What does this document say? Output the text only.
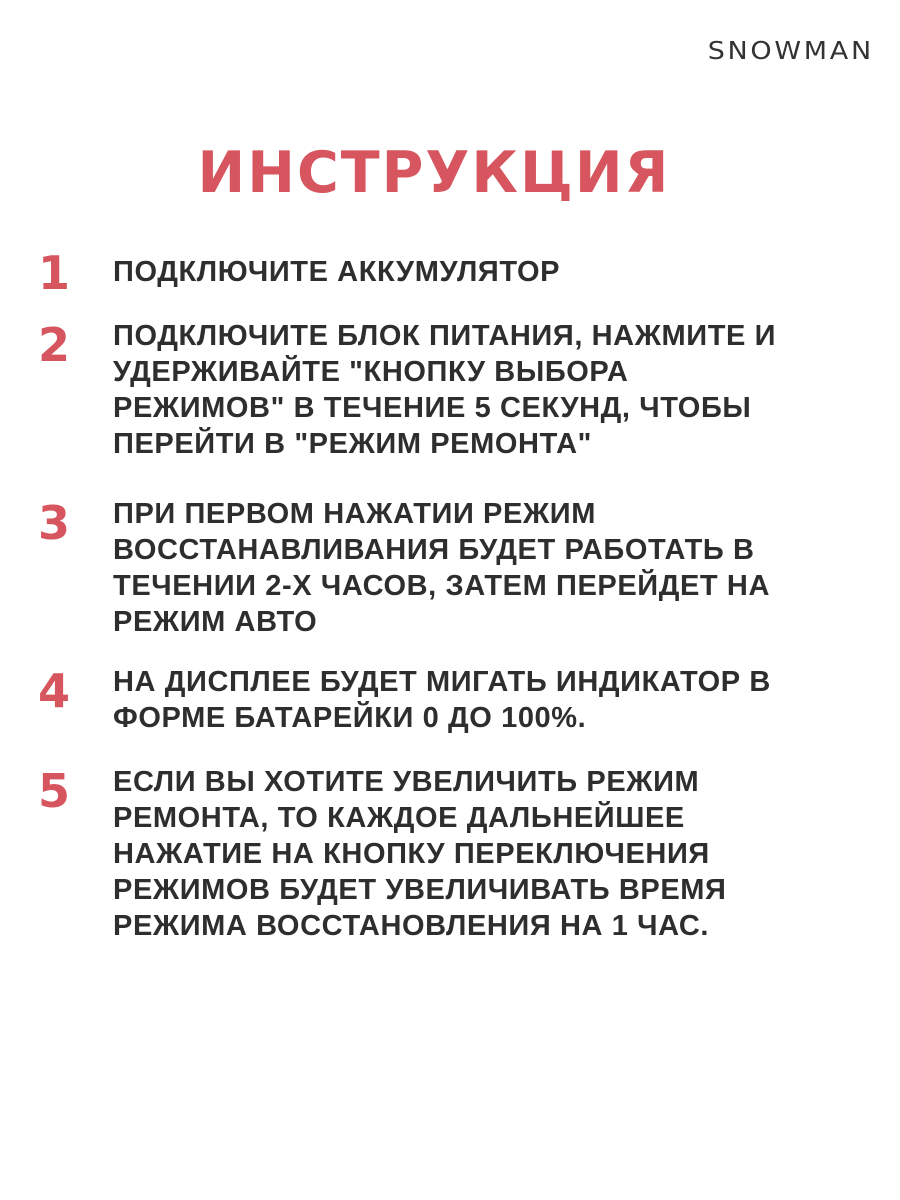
SNOWMAN
ИНСТРУКЦИЯ
1	ПОДКЛЮЧИТЕ АККУМУЛЯТОР

2	ПОДКЛЮЧИТЕ БЛОК ПИТАНИЯ, НАЖМИТЕ И
УДЕРЖИВАЙТЕ "КНОПКУ ВЫБОРА
РЕЖИМОВ" В ТЕЧЕНИЕ 5 СЕКУНД, ЧТОБЫ
ПЕРЕЙТИ В "РЕЖИМ РЕМОНТА"

3	ПРИ ПЕРВОМ НАЖАТИИ РЕЖИМ
ВОССТАНАВЛИВАНИЯ БУДЕТ РАБОТАТЬ В
ТЕЧЕНИИ 2-Х ЧАСОВ, ЗАТЕМ ПЕРЕЙДЕТ НА
РЕЖИМ АВТО

4	НА ДИСПЛЕЕ БУДЕТ МИГАТЬ ИНДИКАТОР В
ФОРМЕ БАТАРЕЙКИ 0 ДО 100%.

5	ЕСЛИ ВЫ ХОТИТЕ УВЕЛИЧИТЬ РЕЖИМ
РЕМОНТА, ТО КАЖДОЕ ДАЛЬНЕЙШЕЕ
НАЖАТИЕ НА КНОПКУ ПЕРЕКЛЮЧЕНИЯ
РЕЖИМОВ БУДЕТ УВЕЛИЧИВАТЬ ВРЕМЯ
РЕЖИМА ВОССТАНОВЛЕНИЯ НА 1 ЧАС.
